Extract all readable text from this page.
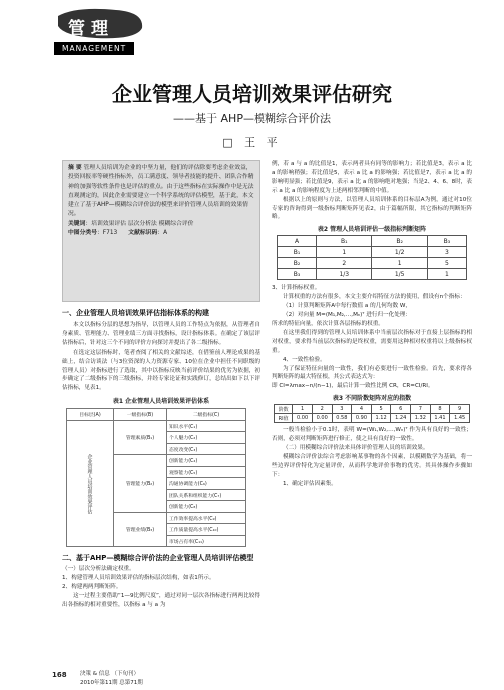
管理
MANAGEMENT
企业管理人员培训效果评估研究
——基于 AHP—模糊综合评价法
□ 王 平
摘 要 管理人员培训为企业的中坚力量，他们的评估除要考虑企业效益，投资回报率等硬性指标外，员工满意度、领导者技能的提升、团队合作精神的加强等软性条件也是评估的重点。由于这些指标在实际操作中是无法直观测定的，因此企业需要建立一个科学系统的评估模型，基于此，本文建立了基于AHP—模糊综合评价法的模型来评价管理人员培训的效果情况。
关键词：培训效果评估 层次分析法 模糊综合评价
中图分类号：F713 文献标识码：A
一、企业管理人员培训效果评估指标体系的构建
本文以指标分层的思想为指导，以管理人员的工作特点为依据，从管理者自身素质、管理能力、管理业绩三方面寻找指标，设计指标体系。在确定了该层评估指标后，针对这三个不同的评价方向探讨并提出了各二级指标。
在选定这层指标时，笔者查阅了相关的文献综述，在借鉴前人理论成果的基础上，结合访谈法（与3位资深的人力资源专家、10位在企业中担任不同职级的管理人员）对指标进行了选取，其中以指标反映当前评价结果的优劣为依据，初步确定了二级指标下的三级指标，并经专家论证和实践修订，总结出如下以下评估指标，见表1。
表1 企业管理人员培训效果评估体系
目标层(A)	一级指标(B)	二级指标(C)
企业管理人员培训效果评估	管理素质(B₁)	知识水平(C₁)
		个人魅力(C₂)
		态度改变(C₃)
	管理能力(B₂)	创新能力(C₄)
		观察能力(C₅)
		沟通协调能力(C₆)
		团队关系和组织能力(C₇)
		创新能力(C₈)
	管理业绩(B₃)	工作效率提高水平(C₉)
		工作质量提高水平(C₁₀)
		市场占有率(C₁₁)
二、基于AHP—模糊综合评价法的企业管理人员培训评估模型
（一）层次分析法确定权重。
1、构建管理人员培训效果评估的指标层次结构，如表1所示。
2、构建两两判断矩阵。
这一过程主要借助“1—9比例尺度”，通过对同一层次各指标进行两两比较得出各指标的相对重要性，以指标 a 与 a 为
例，若 a 与 a 的比值是1，表示两者具有同等的影响力；若比值是3，表示 a 比 a 的影响稍强；若比值是5，表示 a 比 a 的影响强；若比值是7，表示 a 比 a 的影响明显强；若比值是9，表示 a 比 a 的影响绝对地强；当是2、4、6、8时，表示 a 比 a 的影响程度为上述两相邻判断的中值。
根据以上的原则与方法，以管理人员培训体系的目标层A为例，通过对10位专家的咨询得到一级指标判断矩阵见表2，由于篇幅所限，其它指标的判断矩阵略。
表2 管理人员培训评估一级指标判断矩阵
A	B₁	B₂	B₃
B₁	1	1/2	3
B₂	2	1	5
B₃	1/3	1/5	1
3、计算指标权重。
计算权重的方法有很多，本文主要介绍特征方法的使用，假设有n个指标：
（1）计算判断矩阵A中每行数值 a 的几何均数 W，
（2）对向量 M=(M₁,M₂,…,Mₙ)ᵀ 进行归一化处理：
所求的特征向量，依次计算各层指标的权重。
在这里我们得到的管理人员培训体系中当前层次指标对于直接上层指标的相对权重，要求得当前层次指标的是终权重，需要用这种相对权重将以上级指标权重。
4、一致性检验。
为了保证特征向量的一致性，我们有必要进行一致性检验。首先，要求得各判断矩阵的最大特征根，其公式表达式为：
即 CI=λmax−n/(n−1)，最后计算一致性比例 CR，CR=CI/RI。
表3 不同阶数矩阵对应的指数
阶数	1	2	3	4	5	6	7	8	9
RI值	0.00	0.00	0.58	0.90	1.12	1.24	1.32	1.41	1.45
一般当检验小于0.1时，表明 W=(W₁,W₂,…,Wₙ)ᵀ 作为具有良好的一致性；否则，必须对判断矩阵进行修正，使之具有良好的一致性。
（二）用模糊综合评价法来具体评价管理人员的培训效果。
模糊综合评价法综合考虑影响某事物的各个因素，以模糊数学为基础，将一些边界评价特化为定量评价，从而科学地评价事物的优劣。其具体操作步骤如下：
1、确定评估因素集。
168 決策 & 信息 （下旬刊）
2010年第11期 总第71期
